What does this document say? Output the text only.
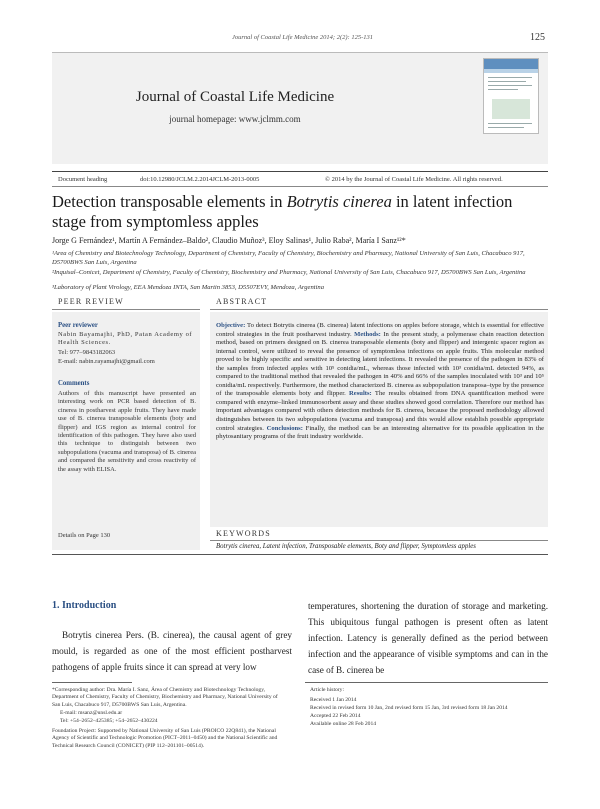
Journal of Coastal Life Medicine 2014; 2(2): 125-131	125
Journal of Coastal Life Medicine
journal homepage: www.jclmm.com
Document heading	doi:10.12980/JCLM.2.2014JCLM-2013-0005	© 2014 by the Journal of Coastal Life Medicine. All rights reserved.
Detection transposable elements in Botrytis cinerea in latent infection stage from symptomless apples
Jorge G Fernández¹, Martín A Fernández–Baldo², Claudio Muñoz³, Eloy Salinas¹, Julio Raba², María I Sanz¹²*
¹Area of Chemistry and Biotechnology Technology, Department of Chemistry, Faculty of Chemistry, Biochemistry and Pharmacy, National University of San Luis, Chacabuco 917, D5700BWS San Luis, Argentina
²Inquisal–Conicet, Department of Chemistry, Faculty of Chemistry, Biochemistry and Pharmacy, National University of San Luis, Chacabuco 917, D5700BWS San Luis, Argentina
³Laboratory of Plant Virology, EEA Mendoza INTA, San Martin 3853, D5507EVY, Mendoza, Argentina
PEER REVIEW	ABSTRACT
Peer reviewer
Nabin Bayamajhi, PhD, Patan Academy of Health Sciences.
Tel: 977–9843182063
E-mail: nabin.rayamajhi@gmail.com
Comments
Authors of this manuscript have presented an interesting work on PCR based detection of B. cinerea in postharvest apple fruits. They have made use of B. cinerea transposable elements (boty and flipper) and IGS region as internal control for identification of this pathogen. They have also used this technique to distinguish between two subpopulations (vacuma and transposa) of B. cinerea and compared the sensitivity and cross reactivity of the assay with ELISA.
Details on Page 130
Objective: To detect Botrytis cinerea (B. cinerea) latent infections on apples before storage, which is essential for effective control strategies in the fruit postharvest industry. Methods: In the present study, a polymerase chain reaction detection method, based on primers designed on B. cinerea transposable elements (boty and flipper) and intergenic spacer region as internal control, were utilized to reveal the presence of symptomless infections on apple fruits. This molecular method proved to be highly specific and sensitive in detecting latent infections. It revealed the presence of the pathogen in 83% of the samples from infected apples with 10⁵ conidia/mL, whereas those infected with 10³ conidia/mL detected 94%, as compared to the traditional method that revealed the pathogen in 40% and 66% of the samples inoculated with 10³ and 10⁵ conidia/mL respectively. Furthermore, the method characterized B. cinerea as subpopulation transposa–type by the presence of the transposable elements boty and flipper. Results: The results obtained from DNA quantification method were compared with enzyme–linked immunosorbent assay and these studies showed good correlation. Therefore our method has important advantages compared with others detection methods for B. cinerea, because the proposed methodology allowed distinguishes between its two subpopulations (vacuma and transposa) and this would allow establish possible appropriate control strategies. Conclusions: Finally, the method can be an interesting alternative for its possible application in the phytosanitary programs of the fruit industry worldwide.
KEYWORDS
Botrytis cinerea, Latent infection, Transposable elements, Boty and flipper, Symptomless apples
1. Introduction
Botrytis cinerea Pers. (B. cinerea), the causal agent of grey mould, is regarded as one of the most efficient postharvest pathogens of apple fruits since it can spread at very low
temperatures, shortening the duration of storage and marketing. This ubiquitous fungal pathogen is present often as latent infection. Latency is generally defined as the period between infection and the appearance of visible symptoms and can in the case of B. cinerea be
*Corresponding author: Dra. María I. Sanz, Área of Chemistry and Biotechnology Technology, Department of Chemistry, Faculty of Chemistry, Biochemistry and Pharmacy, National University of San Luis, Chacabuco 917, D5700BWS San Luis, Argentina.
E-mail: msanz@unsl.edu.ar
Tel: +54–2652–425385; +54–2652–430224
Foundation Project: Supported by National University of San Luis (PROICO 22Q841), the National Agency of Scientific and Technologic Promotion (PICT–2011–0450) and the National Scientific and Technical Research Council (CONICET) (PIP 112–201101–00514).
Article history:
Received 1 Jan 2014
Received in revised form 10 Jan, 2nd revised form 15 Jan, 3rd revised form 18 Jan 2014
Accepted 22 Feb 2014
Available online 28 Feb 2014
